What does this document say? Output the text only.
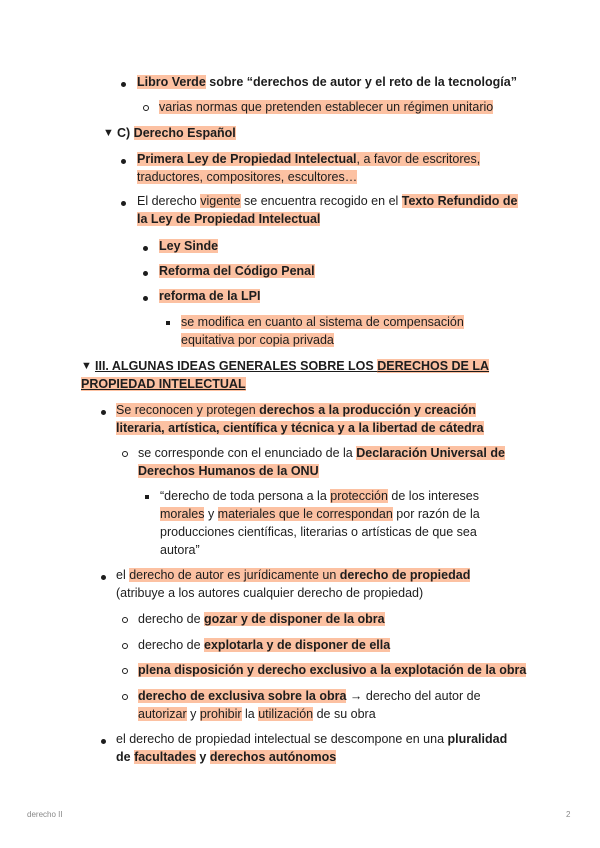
Libro Verde sobre “derechos de autor y el reto de la tecnología”
varias normas que pretenden establecer un régimen unitario
▼ C) Derecho Español
Primera Ley de Propiedad Intelectual, a favor de escritores,
traductores, compositores, escultores…
El derecho vigente se encuentra recogido en el Texto Refundido de
la Ley de Propiedad Intelectual
Ley Sinde
Reforma del Código Penal
reforma de la LPI
se modifica en cuanto al sistema de compensación
equitativa por copia privada
▼ III. ALGUNAS IDEAS GENERALES SOBRE LOS DERECHOS DE LA
PROPIEDAD INTELECTUAL
Se reconocen y protegen derechos a la producción y creación
literaria, artística, científica y técnica y a la libertad de cátedra
se corresponde con el enunciado de la Declaración Universal de
Derechos Humanos de la ONU
“derecho de toda persona a la protección de los intereses
morales y materiales que le correspondan por razón de la
producciones científicas, literarias o artísticas de que sea
autora”
el derecho de autor es jurídicamente un derecho de propiedad
(atribuye a los autores cualquier derecho de propiedad)
derecho de gozar y de disponer de la obra
derecho de explotarla y de disponer de ella
plena disposición y derecho exclusivo a la explotación de la obra
derecho de exclusiva sobre la obra → derecho del autor de
autorizar y prohibir la utilización de su obra
el derecho de propiedad intelectual se descompone en una pluralidad
de facultades y derechos autónomos
derecho II	2
